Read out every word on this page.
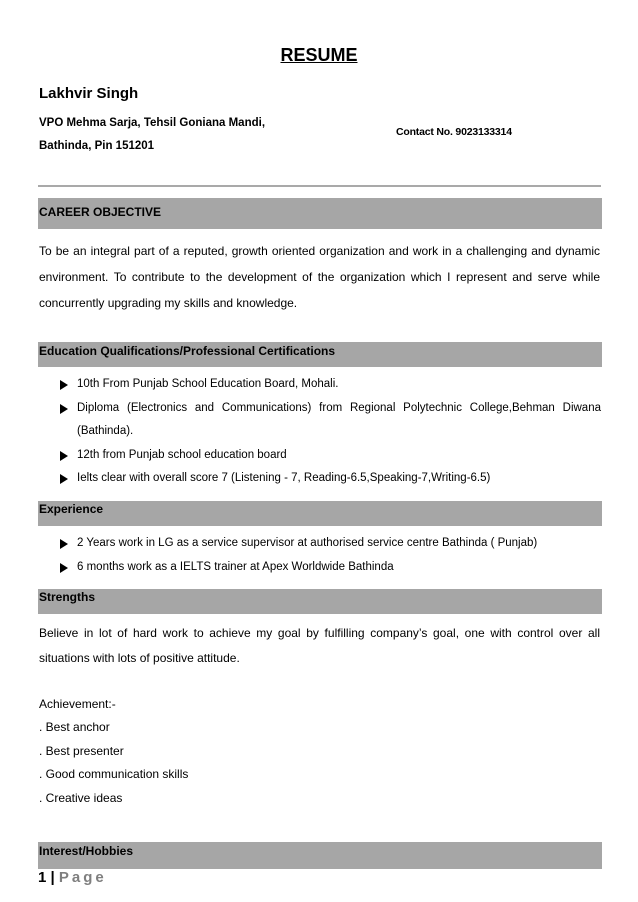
RESUME
Lakhvir Singh
VPO Mehma Sarja, Tehsil Goniana Mandi,
Bathinda, Pin 151201
Contact No. 9023133314
CAREER OBJECTIVE
To be an integral part of a reputed, growth oriented organization and work in a challenging and dynamic environment. To contribute to the development of the organization which I represent and serve while concurrently upgrading my skills and knowledge.
Education Qualifications/Professional Certifications
10th From Punjab School Education Board, Mohali.
Diploma (Electronics and Communications) from Regional Polytechnic College,Behman Diwana (Bathinda).
12th from Punjab school education board
Ielts clear with overall score 7 (Listening - 7, Reading-6.5,Speaking-7,Writing-6.5)
Experience
2 Years work in LG as a service supervisor at authorised service centre Bathinda ( Punjab)
6 months work as a IELTS trainer at Apex Worldwide Bathinda
Strengths
Believe in lot of hard work to achieve my goal by fulfilling company’s goal, one with control over all situations with lots of positive attitude.
Achievement:-
. Best anchor
. Best presenter
. Good communication skills
. Creative ideas
Interest/Hobbies
1 | Page
